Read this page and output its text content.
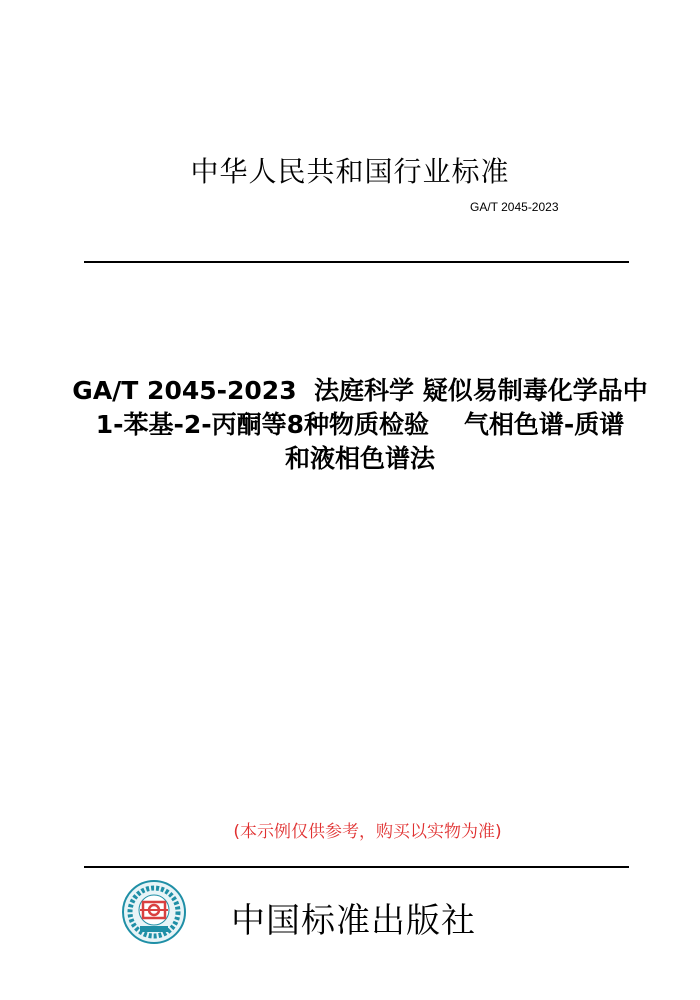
中华人民共和国行业标准
GA/T 2045-2023
GA/T 2045-2023  法庭科学 疑似易制毒化学品中
1-苯基-2-丙酮等8种物质检验    气相色谱-质谱
和液相色谱法
(本示例仅供参考，购买以实物为准)
中国标准出版社
